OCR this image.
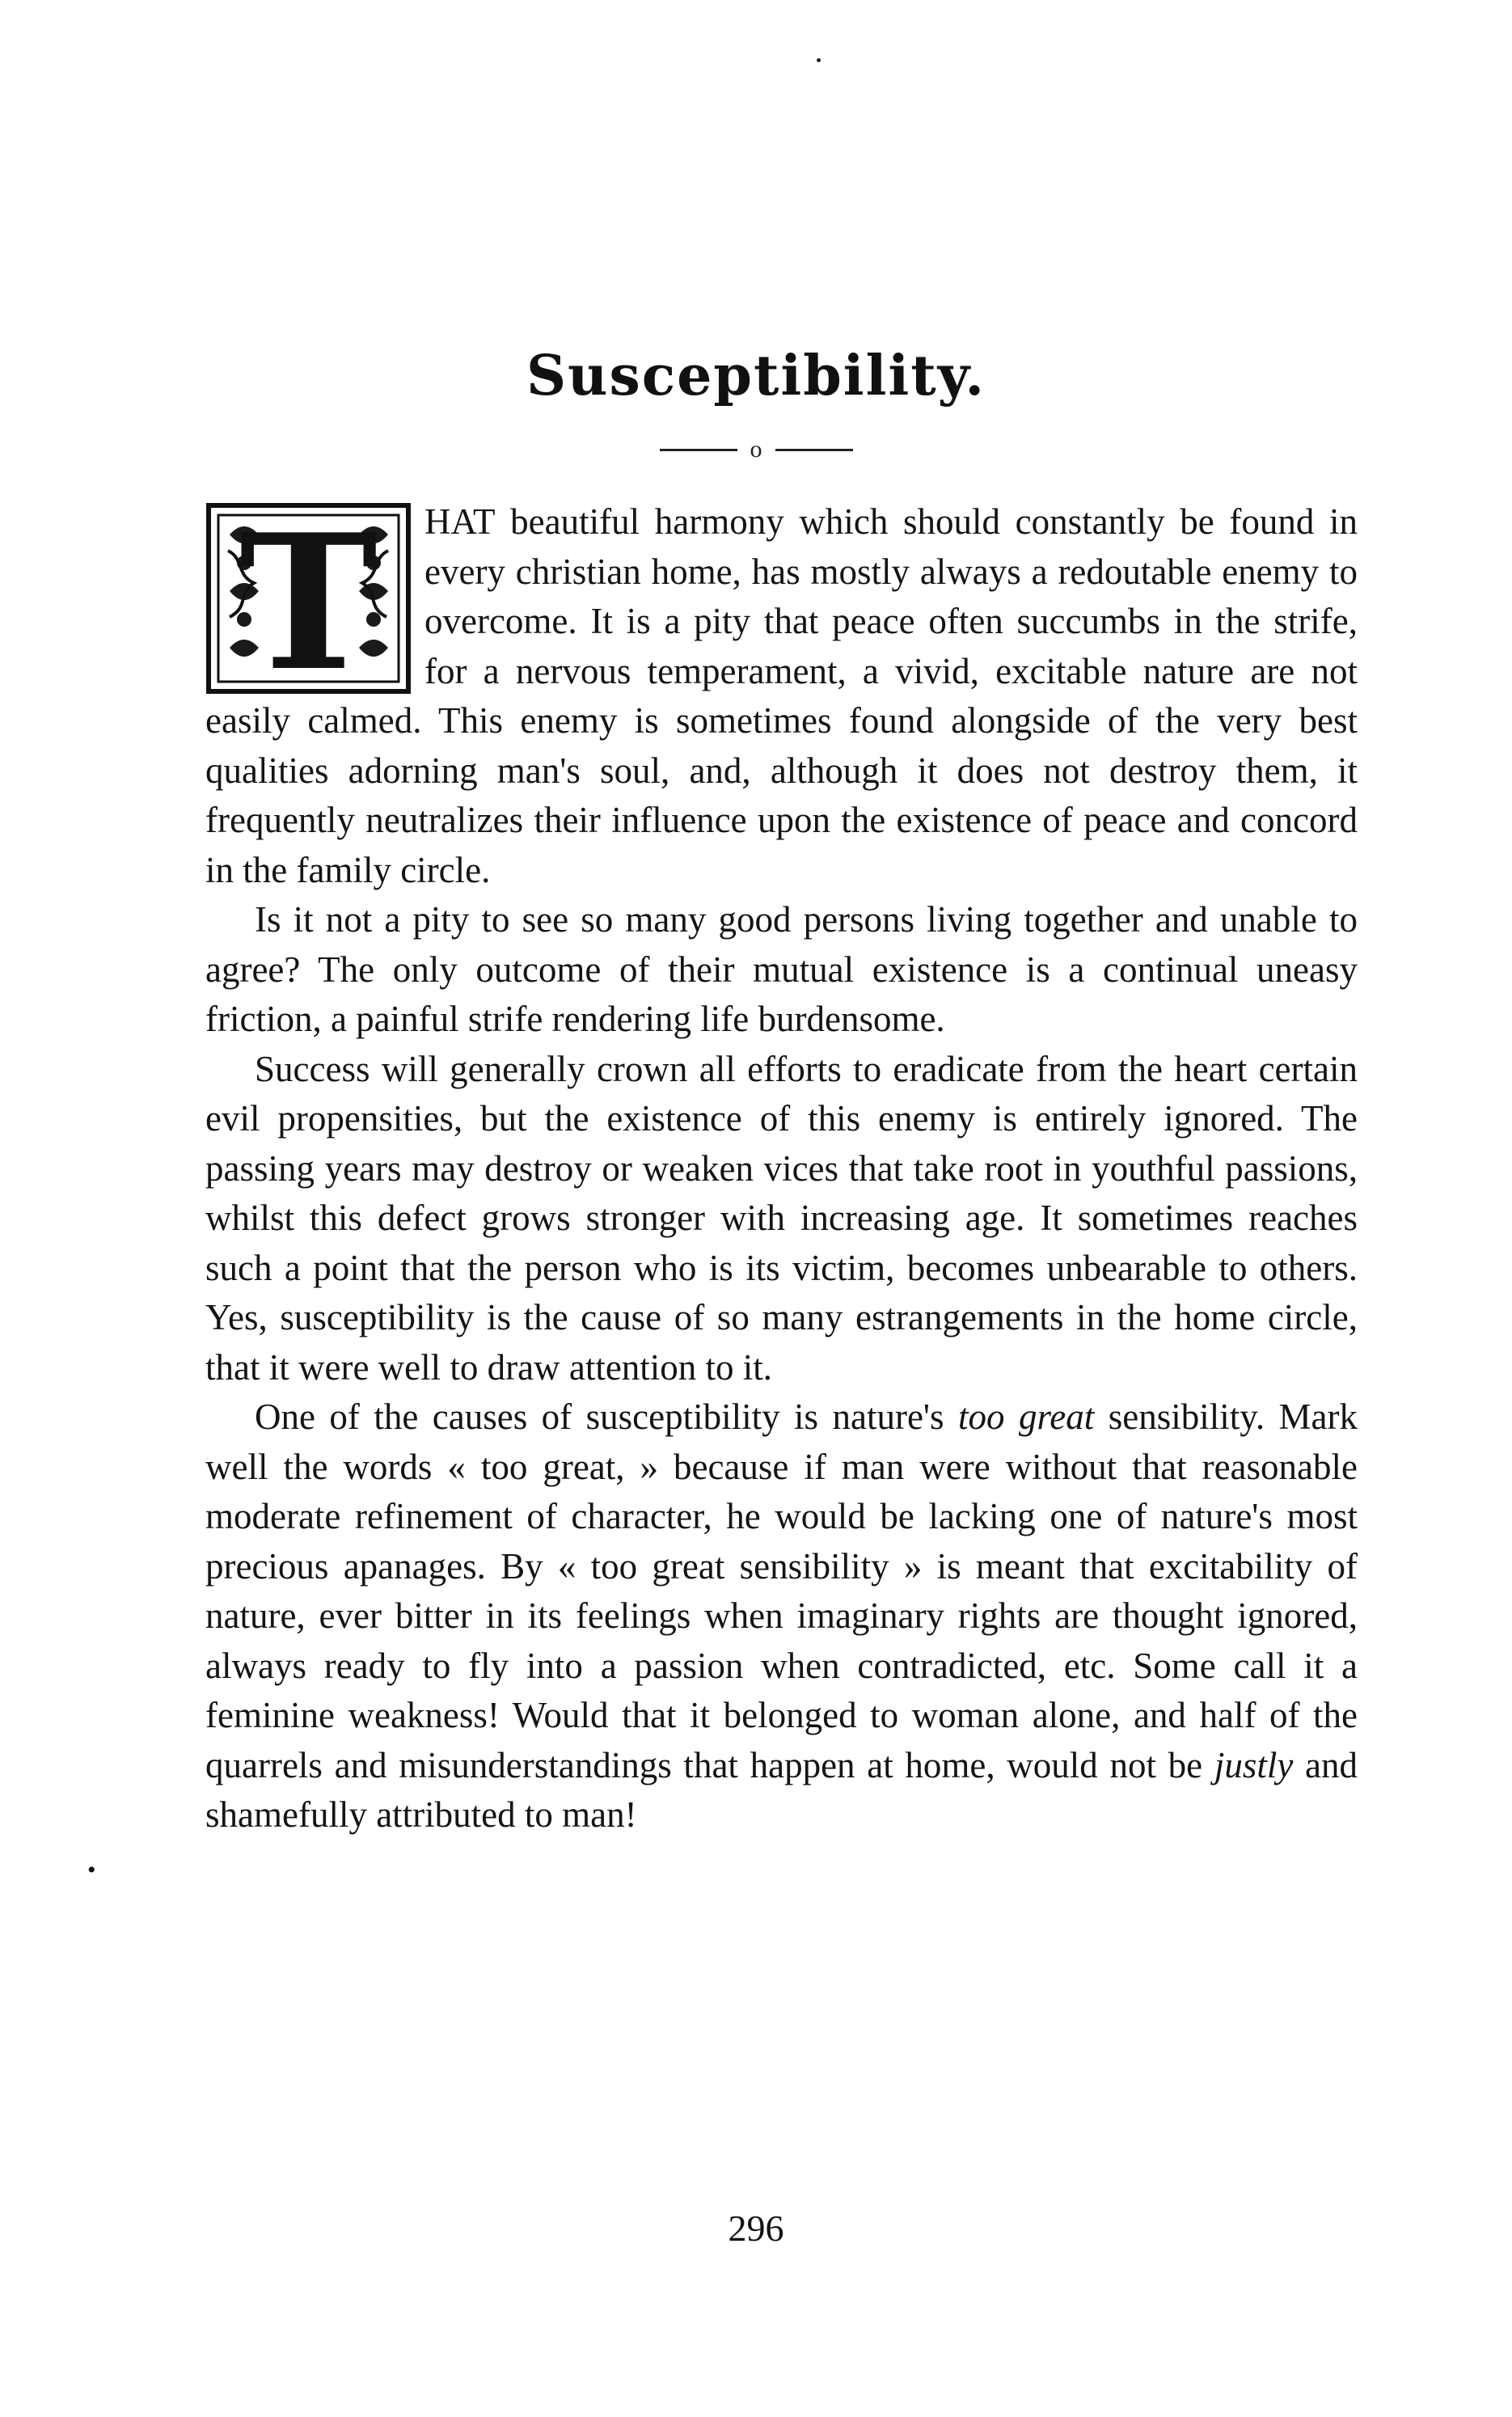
Susceptibility.
o
T	HAT beautiful harmony which should constantly be found in every christian home, has mostly always a redoutable enemy to overcome. It is a pity that peace often succumbs in the strife, for a nervous temperament, a vivid, excitable nature are not easily calmed. This enemy is sometimes found alongside of the very best qualities adorning man's soul, and, although it does not destroy them, it frequently neutralizes their influence upon the existence of peace and concord in the family circle.

Is it not a pity to see so many good persons living together and unable to agree? The only outcome of their mutual existence is a continual uneasy friction, a painful strife rendering life burdensome.

Success will generally crown all efforts to eradicate from the heart certain evil propensities, but the existence of this enemy is entirely ignored. The passing years may destroy or weaken vices that take root in youthful passions, whilst this defect grows stronger with increasing age. It sometimes reaches such a point that the person who is its victim, becomes unbearable to others. Yes, susceptibility is the cause of so many estrangements in the home circle, that it were well to draw attention to it.

One of the causes of susceptibility is nature's too great sensibility. Mark well the words « too great, » because if man were without that reasonable moderate refinement of character, he would be lacking one of nature's most precious apanages. By « too great sensibility » is meant that excitability of nature, ever bitter in its feelings when imaginary rights are thought ignored, always ready to fly into a passion when contradicted, etc. Some call it a feminine weakness! Would that it belonged to woman alone, and half of the quarrels and misunderstandings that happen at home, would not be justly and shamefully attributed to man!

•
296
